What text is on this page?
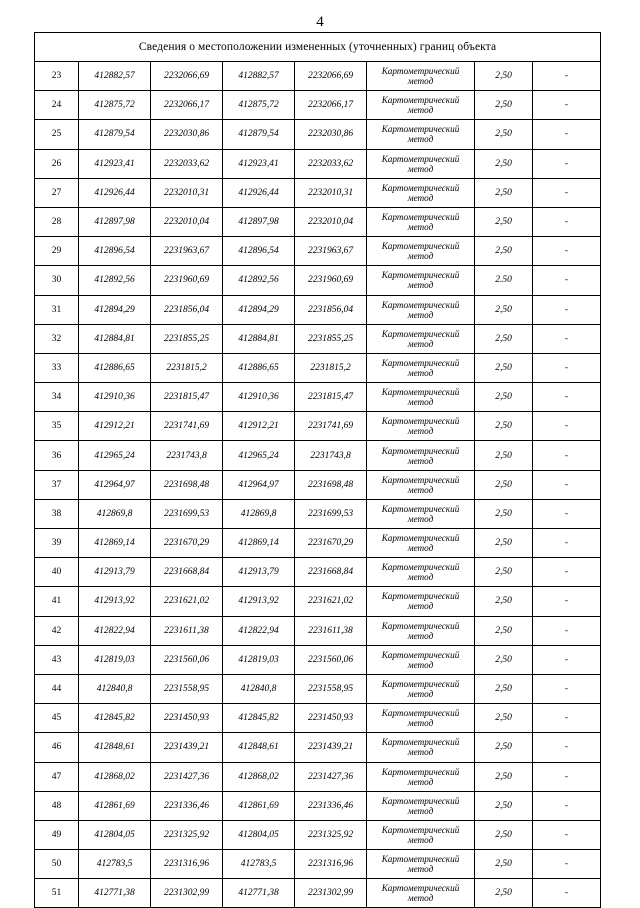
4
Сведения о местоположении измененных (уточненных) границ объекта							
23	412882,57	2232066,69	412882,57	2232066,69	Картометрический метод	2,50	-
24	412875,72	2232066,17	412875,72	2232066,17	Картометрический метод	2,50	-
25	412879,54	2232030,86	412879,54	2232030,86	Картометрический метод	2,50	-
26	412923,41	2232033,62	412923,41	2232033,62	Картометрический метод	2,50	-
27	412926,44	2232010,31	412926,44	2232010,31	Картометрический метод	2,50	-
28	412897,98	2232010,04	412897,98	2232010,04	Картометрический метод	2,50	-
29	412896,54	2231963,67	412896,54	2231963,67	Картометрический метод	2,50	-
30	412892,56	2231960,69	412892,56	2231960,69	Картометрический метод	2.50	-
31	412894,29	2231856,04	412894,29	2231856,04	Картометрический метод	2,50	-
32	412884,81	2231855,25	412884,81	2231855,25	Картометрический метод	2,50	-
33	412886,65	2231815,2	412886,65	2231815,2	Картометрический метод	2,50	-
34	412910,36	2231815,47	412910,36	2231815,47	Картометрический метод	2,50	-
35	412912,21	2231741,69	412912,21	2231741,69	Картометрический метод	2,50	-
36	412965,24	2231743,8	412965,24	2231743,8	Картометрический метод	2,50	-
37	412964,97	2231698,48	412964,97	2231698,48	Картометрический метод	2,50	-
38	412869,8	2231699,53	412869,8	2231699,53	Картометрический метод	2,50	-
39	412869,14	2231670,29	412869,14	2231670,29	Картометрический метод	2,50	-
40	412913,79	2231668,84	412913,79	2231668,84	Картометрический метод	2,50	-
41	412913,92	2231621,02	412913,92	2231621,02	Картометрический метод	2,50	-
42	412822,94	2231611,38	412822,94	2231611,38	Картометрический метод	2,50	-
43	412819,03	2231560,06	412819,03	2231560,06	Картометрический метод	2,50	-
44	412840,8	2231558,95	412840,8	2231558,95	Картометрический метод	2,50	-
45	412845,82	2231450,93	412845,82	2231450,93	Картометрический метод	2,50	-
46	412848,61	2231439,21	412848,61	2231439,21	Картометрический метод	2,50	-
47	412868,02	2231427,36	412868,02	2231427,36	Картометрический метод	2,50	-
48	412861,69	2231336,46	412861,69	2231336,46	Картометрический метод	2,50	-
49	412804,05	2231325,92	412804,05	2231325,92	Картометрический метод	2,50	-
50	412783,5	2231316,96	412783,5	2231316,96	Картометрический метод	2,50	-
51	412771,38	2231302,99	412771,38	2231302,99	Картометрический метод	2,50	-
